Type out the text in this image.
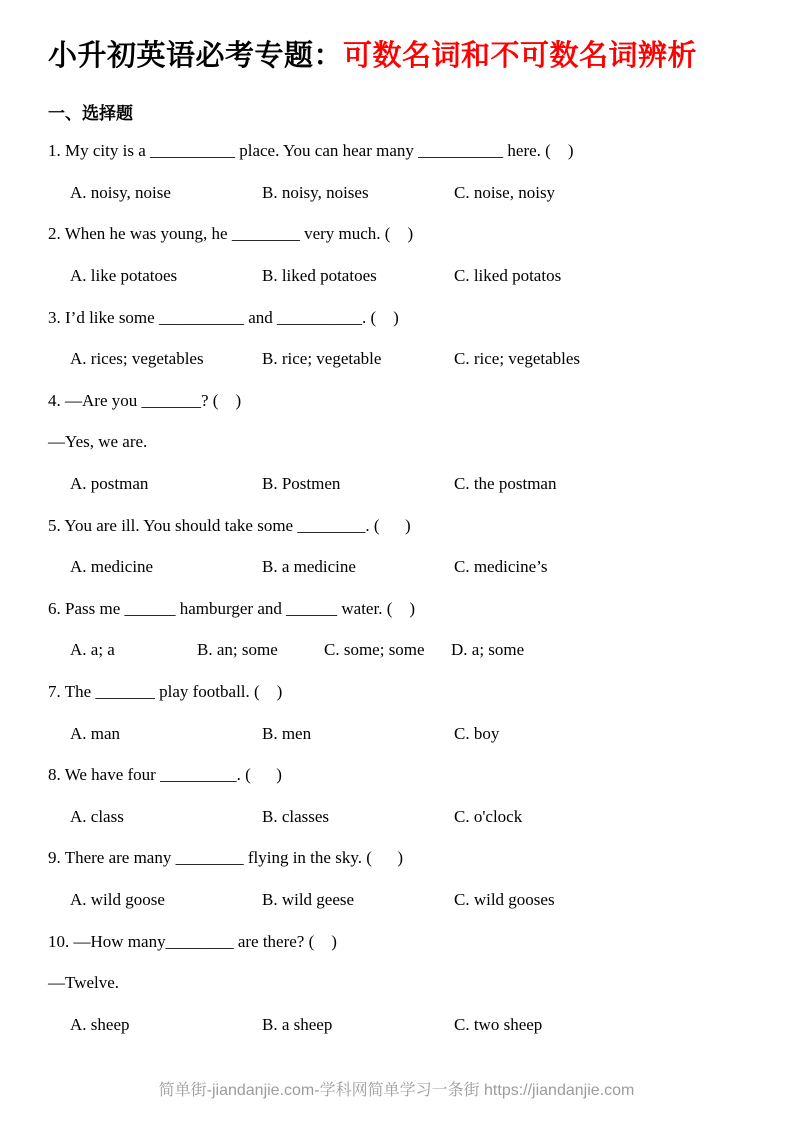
小升初英语必考专题：可数名词和不可数名词辨析
一、选择题

1. My city is a __________ place. You can hear many __________ here. (    )

A. noisy, noise	B. noisy, noises	C. noise, noisy

2. When he was young, he ________ very much. (    )

A. like potatoes	B. liked potatoes	C. liked potatos

3. I’d like some __________ and __________. (    )

A. rices; vegetables	B. rice; vegetable	C. rice; vegetables

4. —Are you _______? (    )

—Yes, we are.

A. postman	B. Postmen	C. the postman

5. You are ill. You should take some ________. (      )

A. medicine	B. a medicine	C. medicine’s

6. Pass me ______ hamburger and ______ water. (    )

A. a; a	B. an; some	C. some; some D. a; some

7. The _______ play football. (    )

A. man	B. men	C. boy

8. We have four _________. (      )

A. class	B. classes	C. o'clock

9. There are many ________ flying in the sky. (      )

A. wild goose	B. wild geese	C. wild gooses

10. —How many________ are there? (    )

—Twelve.

A. sheep	B. a sheep	C. two sheep

简单街-jiandanjie.com-学科网简单学习一条街 https://jiandanjie.com
